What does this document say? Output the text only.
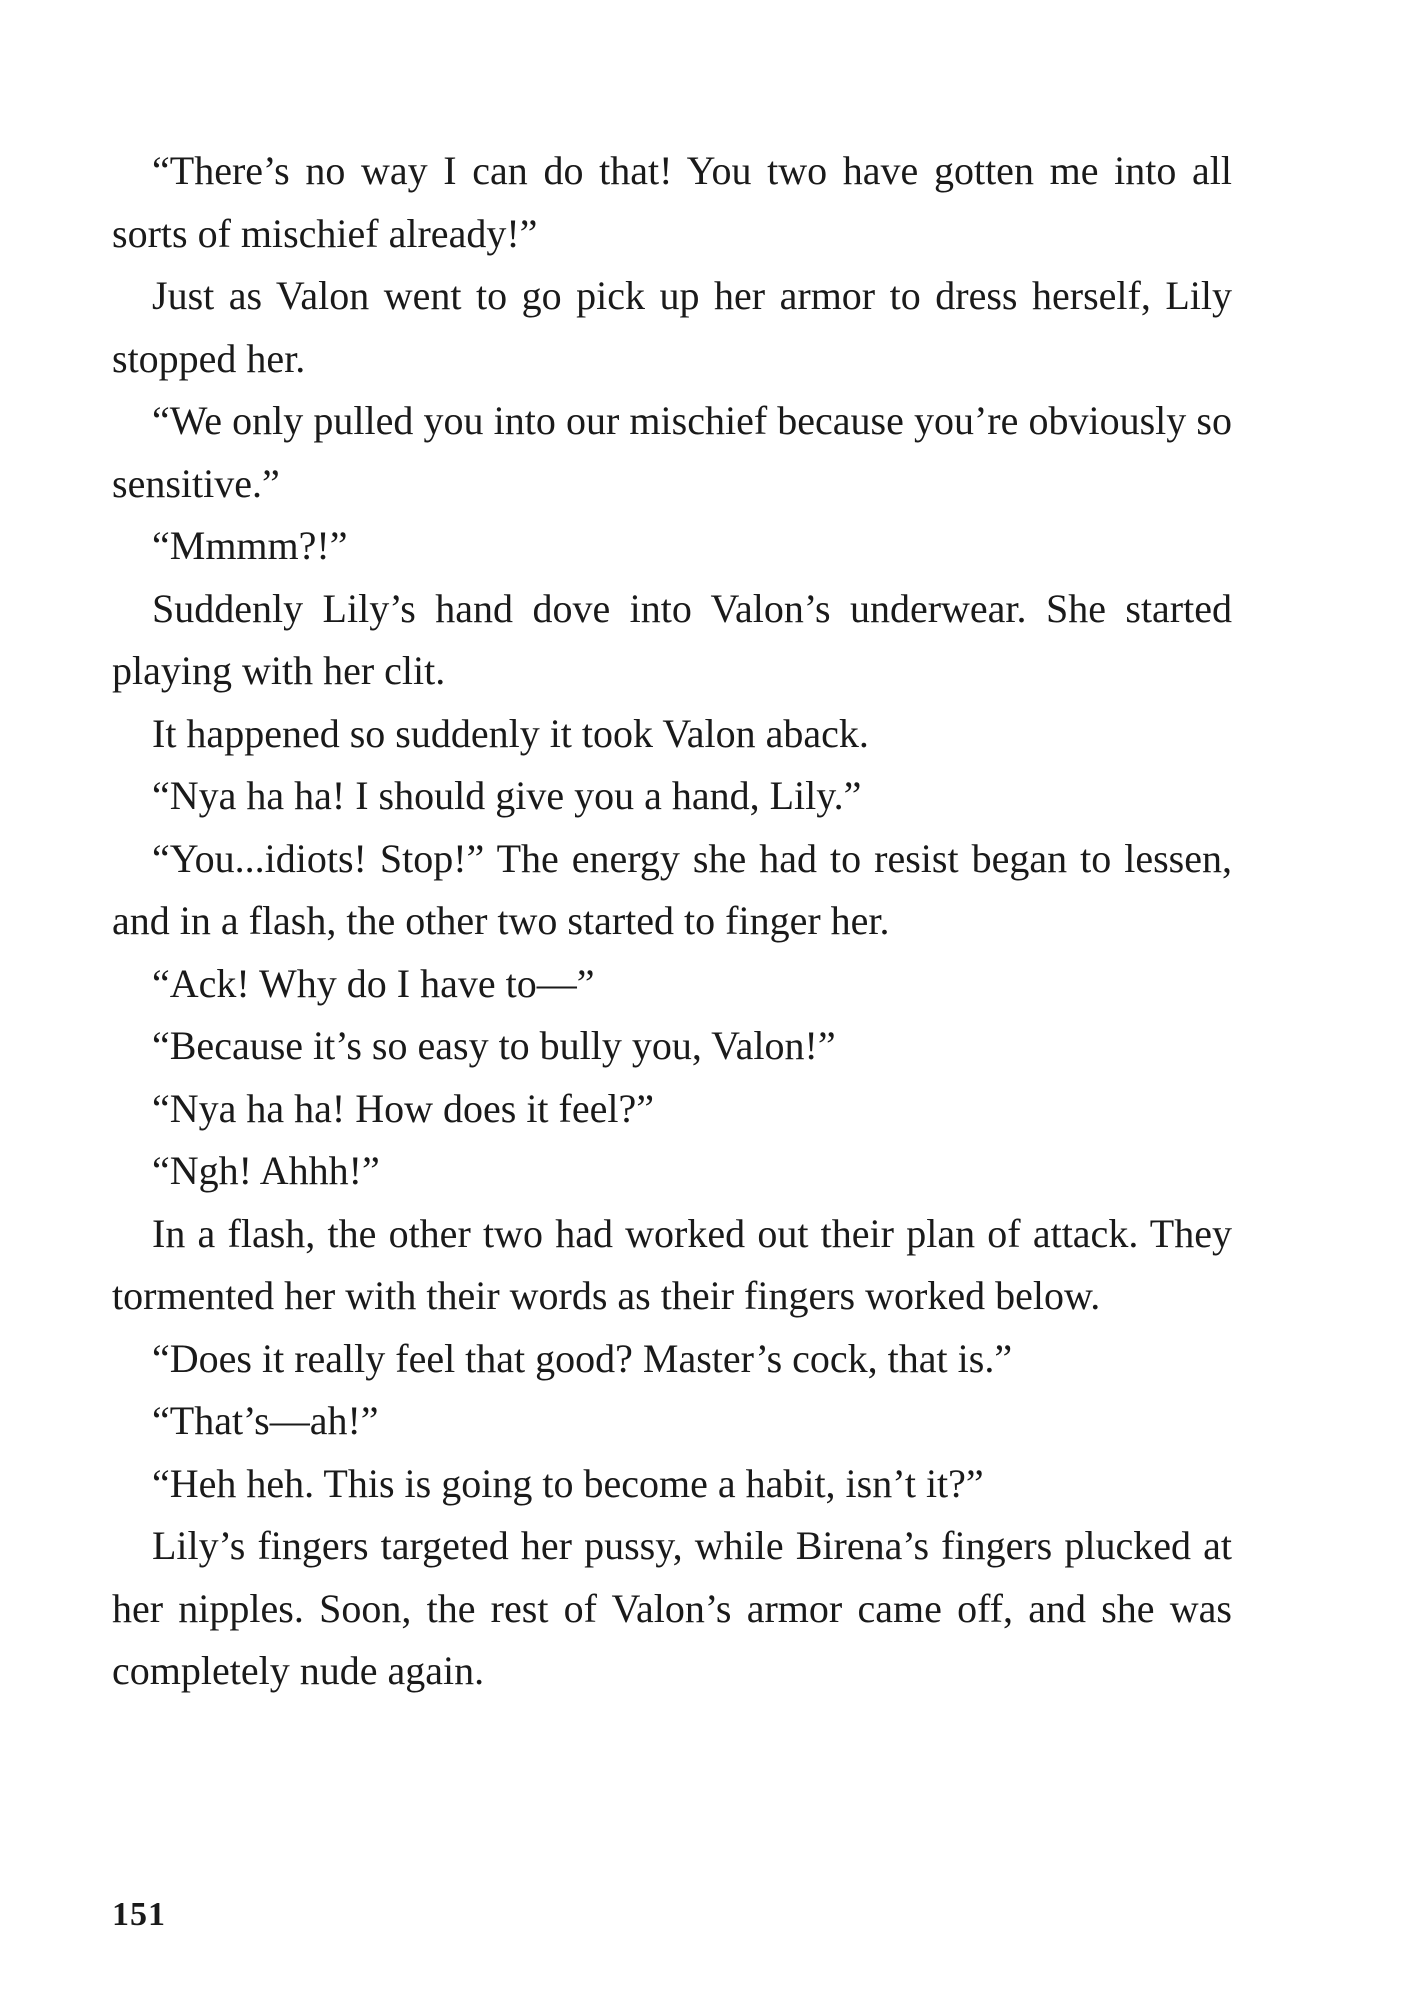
“There’s no way I can do that! You two have gotten me into all sorts of mischief already!”

Just as Valon went to go pick up her armor to dress herself, Lily stopped her.

“We only pulled you into our mischief because you’re obviously so sensitive.”

“Mmmm?!”

Suddenly Lily’s hand dove into Valon’s underwear. She started playing with her clit.

It happened so suddenly it took Valon aback.

“Nya ha ha! I should give you a hand, Lily.”

“You...idiots! Stop!” The energy she had to resist began to lessen, and in a flash, the other two started to finger her.

“Ack! Why do I have to—”

“Because it’s so easy to bully you, Valon!”

“Nya ha ha! How does it feel?”

“Ngh! Ahhh!”

In a flash, the other two had worked out their plan of attack. They tormented her with their words as their fingers worked below.

“Does it really feel that good? Master’s cock, that is.”

“That’s—ah!”

“Heh heh. This is going to become a habit, isn’t it?”

Lily’s fingers targeted her pussy, while Birena’s fingers plucked at her nipples. Soon, the rest of Valon’s armor came off, and she was completely nude again.

151
